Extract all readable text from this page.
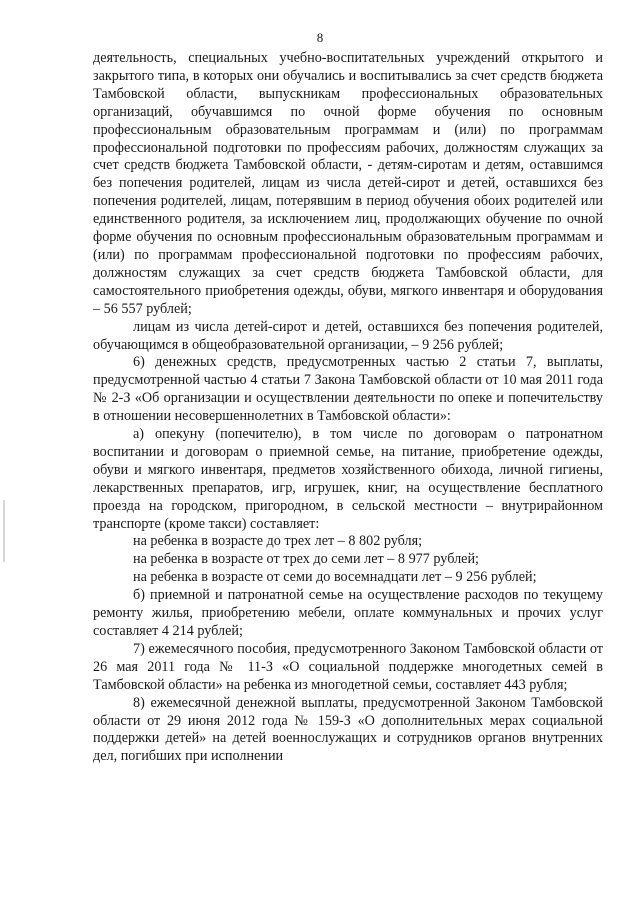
8

деятельность, специальных учебно-воспитательных учреждений открытого и закрытого типа, в которых они обучались и воспитывались за счет средств бюджета Тамбовской области, выпускникам профессиональных образовательных организаций, обучавшимся по очной форме обучения по основным профессиональным образовательным программам и (или) по программам профессиональной подготовки по профессиям рабочих, должностям служащих за счет средств бюджета Тамбовской области, - детям-сиротам и детям, оставшимся без попечения родителей, лицам из числа детей-сирот и детей, оставшихся без попечения родителей, лицам, потерявшим в период обучения обоих родителей или единственного родителя, за исключением лиц, продолжающих обучение по очной форме обучения по основным профессиональным образовательным программам и (или) по программам профессиональной подготовки по профессиям рабочих, должностям служащих за счет средств бюджета Тамбовской области, для самостоятельного приобретения одежды, обуви, мягкого инвентаря и оборудования – 56 557 рублей;

лицам из числа детей-сирот и детей, оставшихся без попечения родителей, обучающимся в общеобразовательной организации, – 9 256 рублей;

6) денежных средств, предусмотренных частью 2 статьи 7, выплаты, предусмотренной частью 4 статьи 7 Закона Тамбовской области от 10 мая 2011 года № 2-З «Об организации и осуществлении деятельности по опеке и попечительству в отношении несовершеннолетних в Тамбовской области»:

а) опекуну (попечителю), в том числе по договорам о патронатном воспитании и договорам о приемной семье, на питание, приобретение одежды, обуви и мягкого инвентаря, предметов хозяйственного обихода, личной гигиены, лекарственных препаратов, игр, игрушек, книг, на осуществление бесплатного проезда на городском, пригородном, в сельской местности – внутрирайонном транспорте (кроме такси) составляет:

на ребенка в возрасте до трех лет – 8 802 рубля;

на ребенка в возрасте от трех до семи лет – 8 977 рублей;

на ребенка в возрасте от семи до восемнадцати лет – 9 256 рублей;

б) приемной и патронатной семье на осуществление расходов по текущему ремонту жилья, приобретению мебели, оплате коммунальных и прочих услуг составляет 4 214 рублей;

7) ежемесячного пособия, предусмотренного Законом Тамбовской области от 26 мая 2011 года № 11-З «О социальной поддержке многодетных семей в Тамбовской области» на ребенка из многодетной семьи, составляет 443 рубля;

8) ежемесячной денежной выплаты, предусмотренной Законом Тамбовской области от 29 июня 2012 года № 159-З «О дополнительных мерах социальной поддержки детей» на детей военнослужащих и сотрудников органов внутренних дел, погибших при исполнении
